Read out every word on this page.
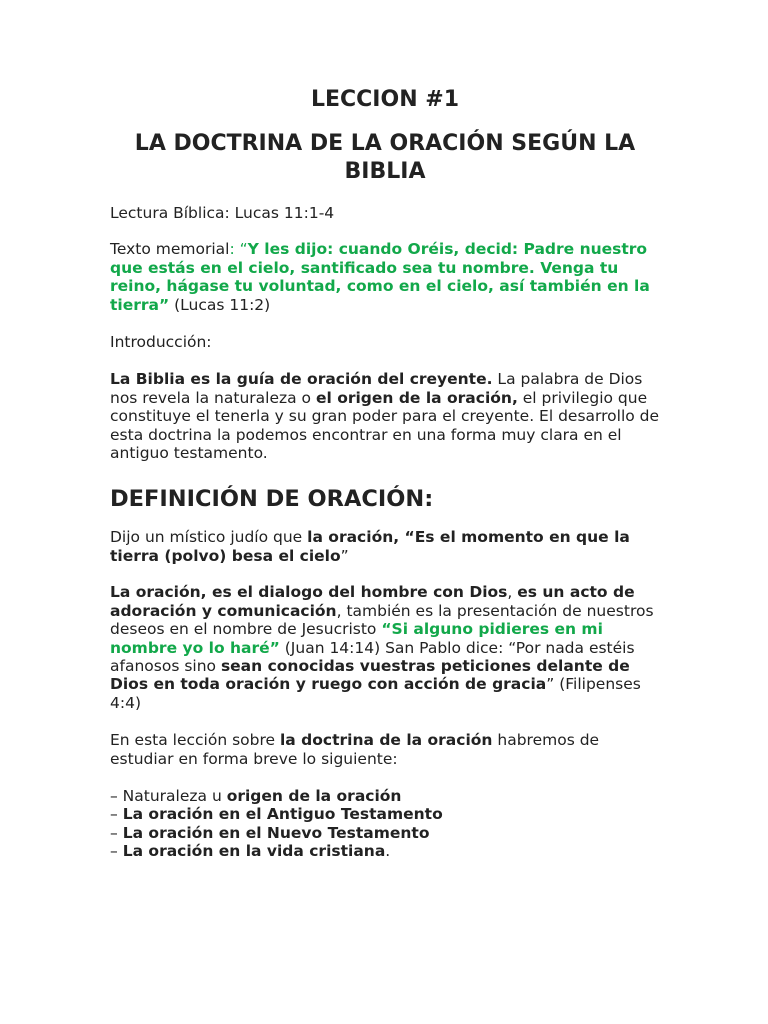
LECCION #1
LA DOCTRINA DE LA ORACIÓN SEGÚN LA BIBLIA

Lectura Bíblica: Lucas 11:1-4

Texto memorial: “Y les dijo: cuando Oréis, decid: Padre nuestro que estás en el cielo, santificado sea tu nombre. Venga tu reino, hágase tu voluntad, como en el cielo, así también en la tierra” (Lucas 11:2)

Introducción:

La Biblia es la guía de oración del creyente. La palabra de Dios nos revela la naturaleza o el origen de la oración, el privilegio que constituye el tenerla y su gran poder para el creyente. El desarrollo de esta doctrina la podemos encontrar en una forma muy clara en el antiguo testamento.

DEFINICIÓN DE ORACIÓN:

Dijo un místico judío que la oración, “Es el momento en que la tierra (polvo) besa el cielo”

La oración, es el dialogo del hombre con Dios, es un acto de adoración y comunicación, también es la presentación de nuestros deseos en el nombre de Jesucristo “Si alguno pidieres en mi nombre yo lo haré” (Juan 14:14) San Pablo dice: “Por nada estéis afanosos sino sean conocidas vuestras peticiones delante de Dios en toda oración y ruego con acción de gracia” (Filipenses 4:4)

En esta lección sobre la doctrina de la oración habremos de estudiar en forma breve lo siguiente:

– Naturaleza u origen de la oración
– La oración en el Antiguo Testamento
– La oración en el Nuevo Testamento
– La oración en la vida cristiana.
